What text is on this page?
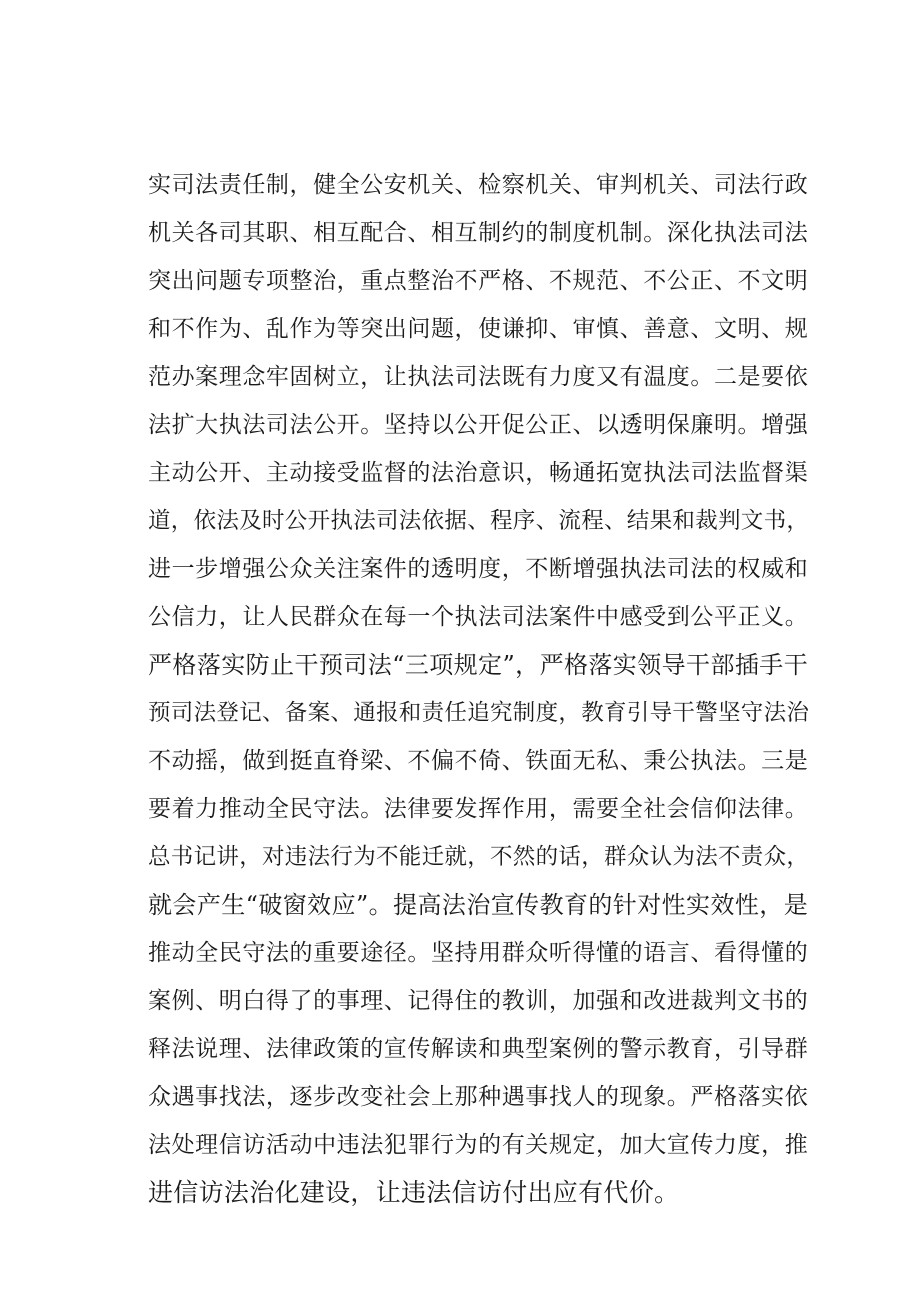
实司法责任制，健全公安机关、检察机关、审判机关、司法行政
机关各司其职、相互配合、相互制约的制度机制。深化执法司法
突出问题专项整治，重点整治不严格、不规范、不公正、不文明
和不作为、乱作为等突出问题，使谦抑、审慎、善意、文明、规
范办案理念牢固树立，让执法司法既有力度又有温度。二是要依
法扩大执法司法公开。坚持以公开促公正、以透明保廉明。增强
主动公开、主动接受监督的法治意识，畅通拓宽执法司法监督渠
道，依法及时公开执法司法依据、程序、流程、结果和裁判文书，
进一步增强公众关注案件的透明度，不断增强执法司法的权威和
公信力，让人民群众在每一个执法司法案件中感受到公平正义。
严格落实防止干预司法“三项规定”，严格落实领导干部插手干
预司法登记、备案、通报和责任追究制度，教育引导干警坚守法治
不动摇，做到挺直脊梁、不偏不倚、铁面无私、秉公执法。三是
要着力推动全民守法。法律要发挥作用，需要全社会信仰法律。
总书记讲，对违法行为不能迁就，不然的话，群众认为法不责众，
就会产生“破窗效应”。提高法治宣传教育的针对性实效性，是
推动全民守法的重要途径。坚持用群众听得懂的语言、看得懂的
案例、明白得了的事理、记得住的教训，加强和改进裁判文书的
释法说理、法律政策的宣传解读和典型案例的警示教育，引导群
众遇事找法，逐步改变社会上那种遇事找人的现象。严格落实依
法处理信访活动中违法犯罪行为的有关规定，加大宣传力度，推
进信访法治化建设，让违法信访付出应有代价。
